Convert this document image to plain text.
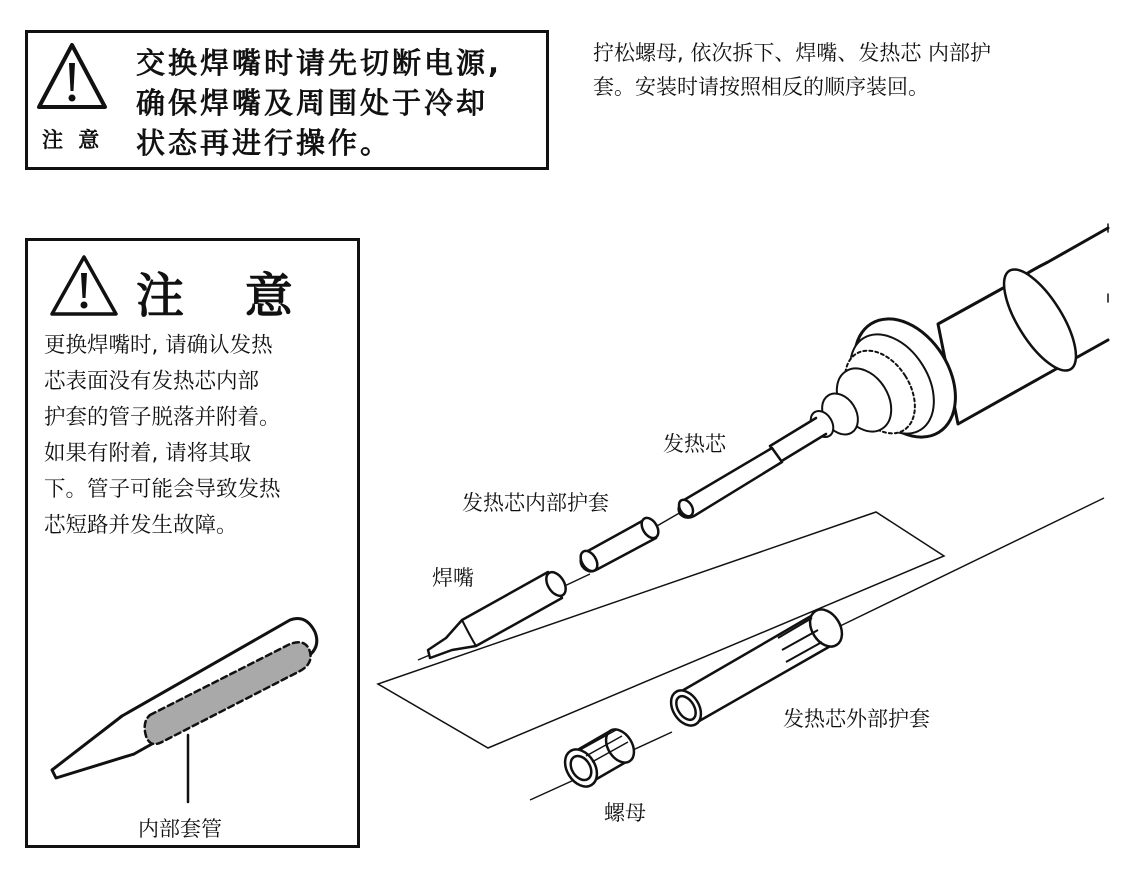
注 意
交换焊嘴时请先切断电源,
确保焊嘴及周围处于冷却
状态再进行操作。
拧松螺母, 依次拆下、焊嘴、发热芯 内部护
套。安装时请按照相反的顺序装回。
注 意
更换焊嘴时, 请确认发热
芯表面没有发热芯内部
护套的管子脱落并附着。
如果有附着, 请将其取
下。管子可能会导致发热
芯短路并发生故障。
内部套管
发热芯
发热芯内部护套
焊嘴
发热芯外部护套
螺母
